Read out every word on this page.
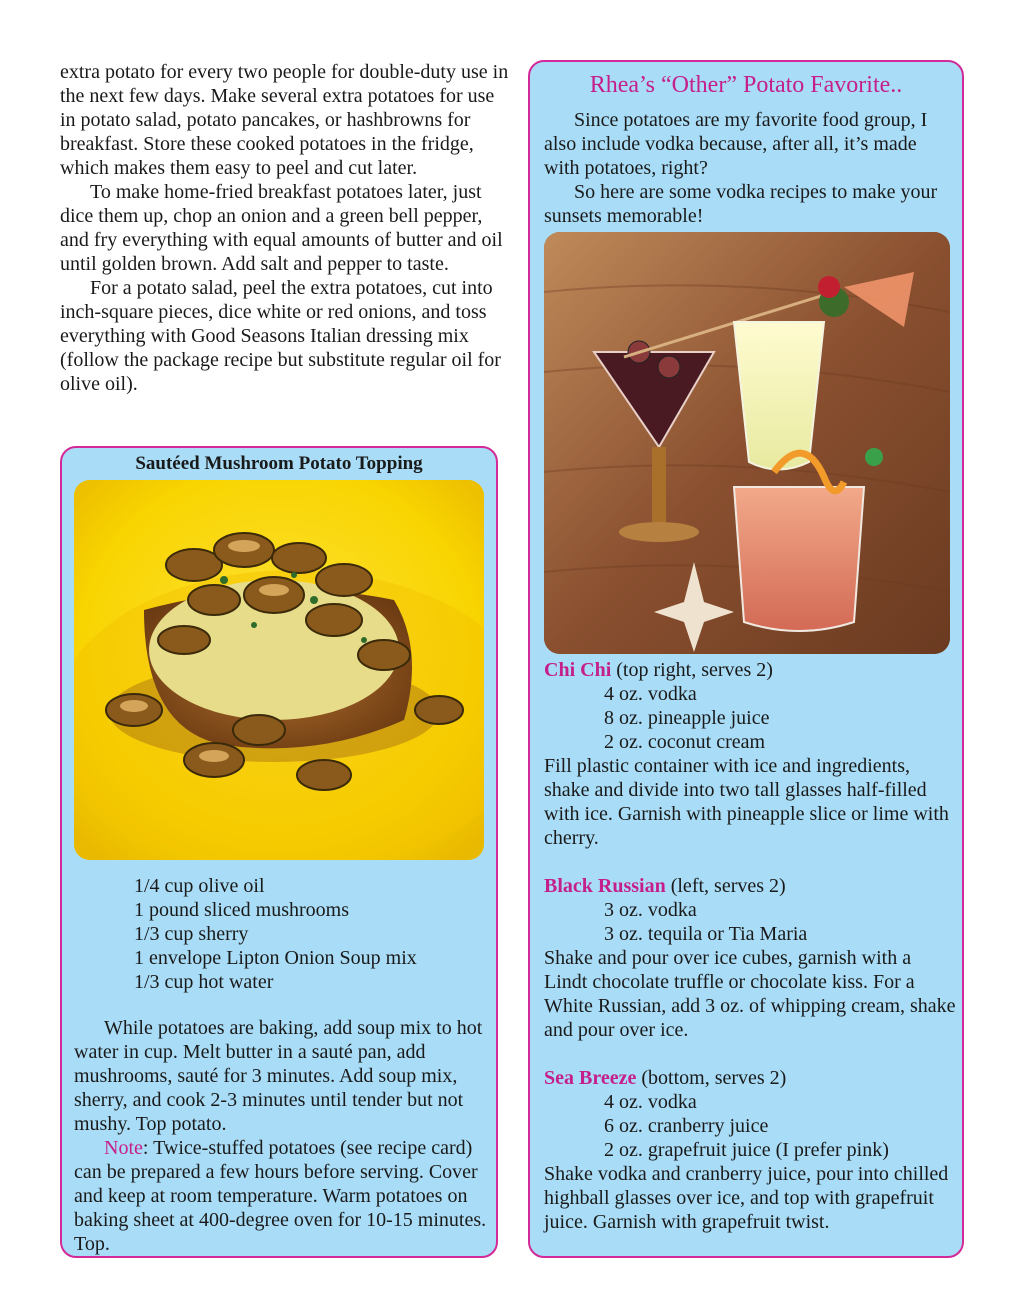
extra potato for every two people for double-duty use in the next few days. Make several extra potatoes for use in potato salad, potato pancakes, or hashbrowns for breakfast. Store these cooked potatoes in the fridge, which makes them easy to peel and cut later.

To make home-fried breakfast potatoes later, just dice them up, chop an onion and a green bell pepper, and fry everything with equal amounts of butter and oil until golden brown. Add salt and pepper to taste.

For a potato salad, peel the extra potatoes, cut into inch-square pieces, dice white or red onions, and toss everything with Good Seasons Italian dressing mix (follow the package recipe but substitute regular oil for olive oil).

Sautéed Mushroom Potato Topping
1/4 cup olive oil
1 pound sliced mushrooms
1/3 cup sherry
1 envelope Lipton Onion Soup mix
1/3 cup hot water

While potatoes are baking, add soup mix to hot water in cup. Melt butter in a sauté pan, add mushrooms, sauté for 3 minutes. Add soup mix, sherry, and cook 2-3 minutes until tender but not mushy. Top potato.

Note: Twice-stuffed potatoes (see recipe card) can be prepared a few hours before serving. Cover and keep at room temperature. Warm potatoes on baking sheet at 400-degree oven for 10-15 minutes. Top.

Rhea’s “Other” Potato Favorite..

Since potatoes are my favorite food group, I also include vodka because, after all, it’s made with potatoes, right?

So here are some vodka recipes to make your sunsets memorable!

Chi Chi (top right, serves 2)

4 oz. vodka
8 oz. pineapple juice
2 oz. coconut cream

Fill plastic container with ice and ingredients, shake and divide into two tall glasses half-filled with ice. Garnish with pineapple slice or lime with cherry.

Black Russian (left, serves 2)

3 oz. vodka
3 oz. tequila or Tia Maria

Shake and pour over ice cubes, garnish with a Lindt chocolate truffle or chocolate kiss. For a White Russian, add 3 oz. of whipping cream, shake and pour over ice.

Sea Breeze (bottom, serves 2)

4 oz. vodka
6 oz. cranberry juice
2 oz. grapefruit juice (I prefer pink)

Shake vodka and cranberry juice, pour into chilled highball glasses over ice, and top with grapefruit juice. Garnish with grapefruit twist.
